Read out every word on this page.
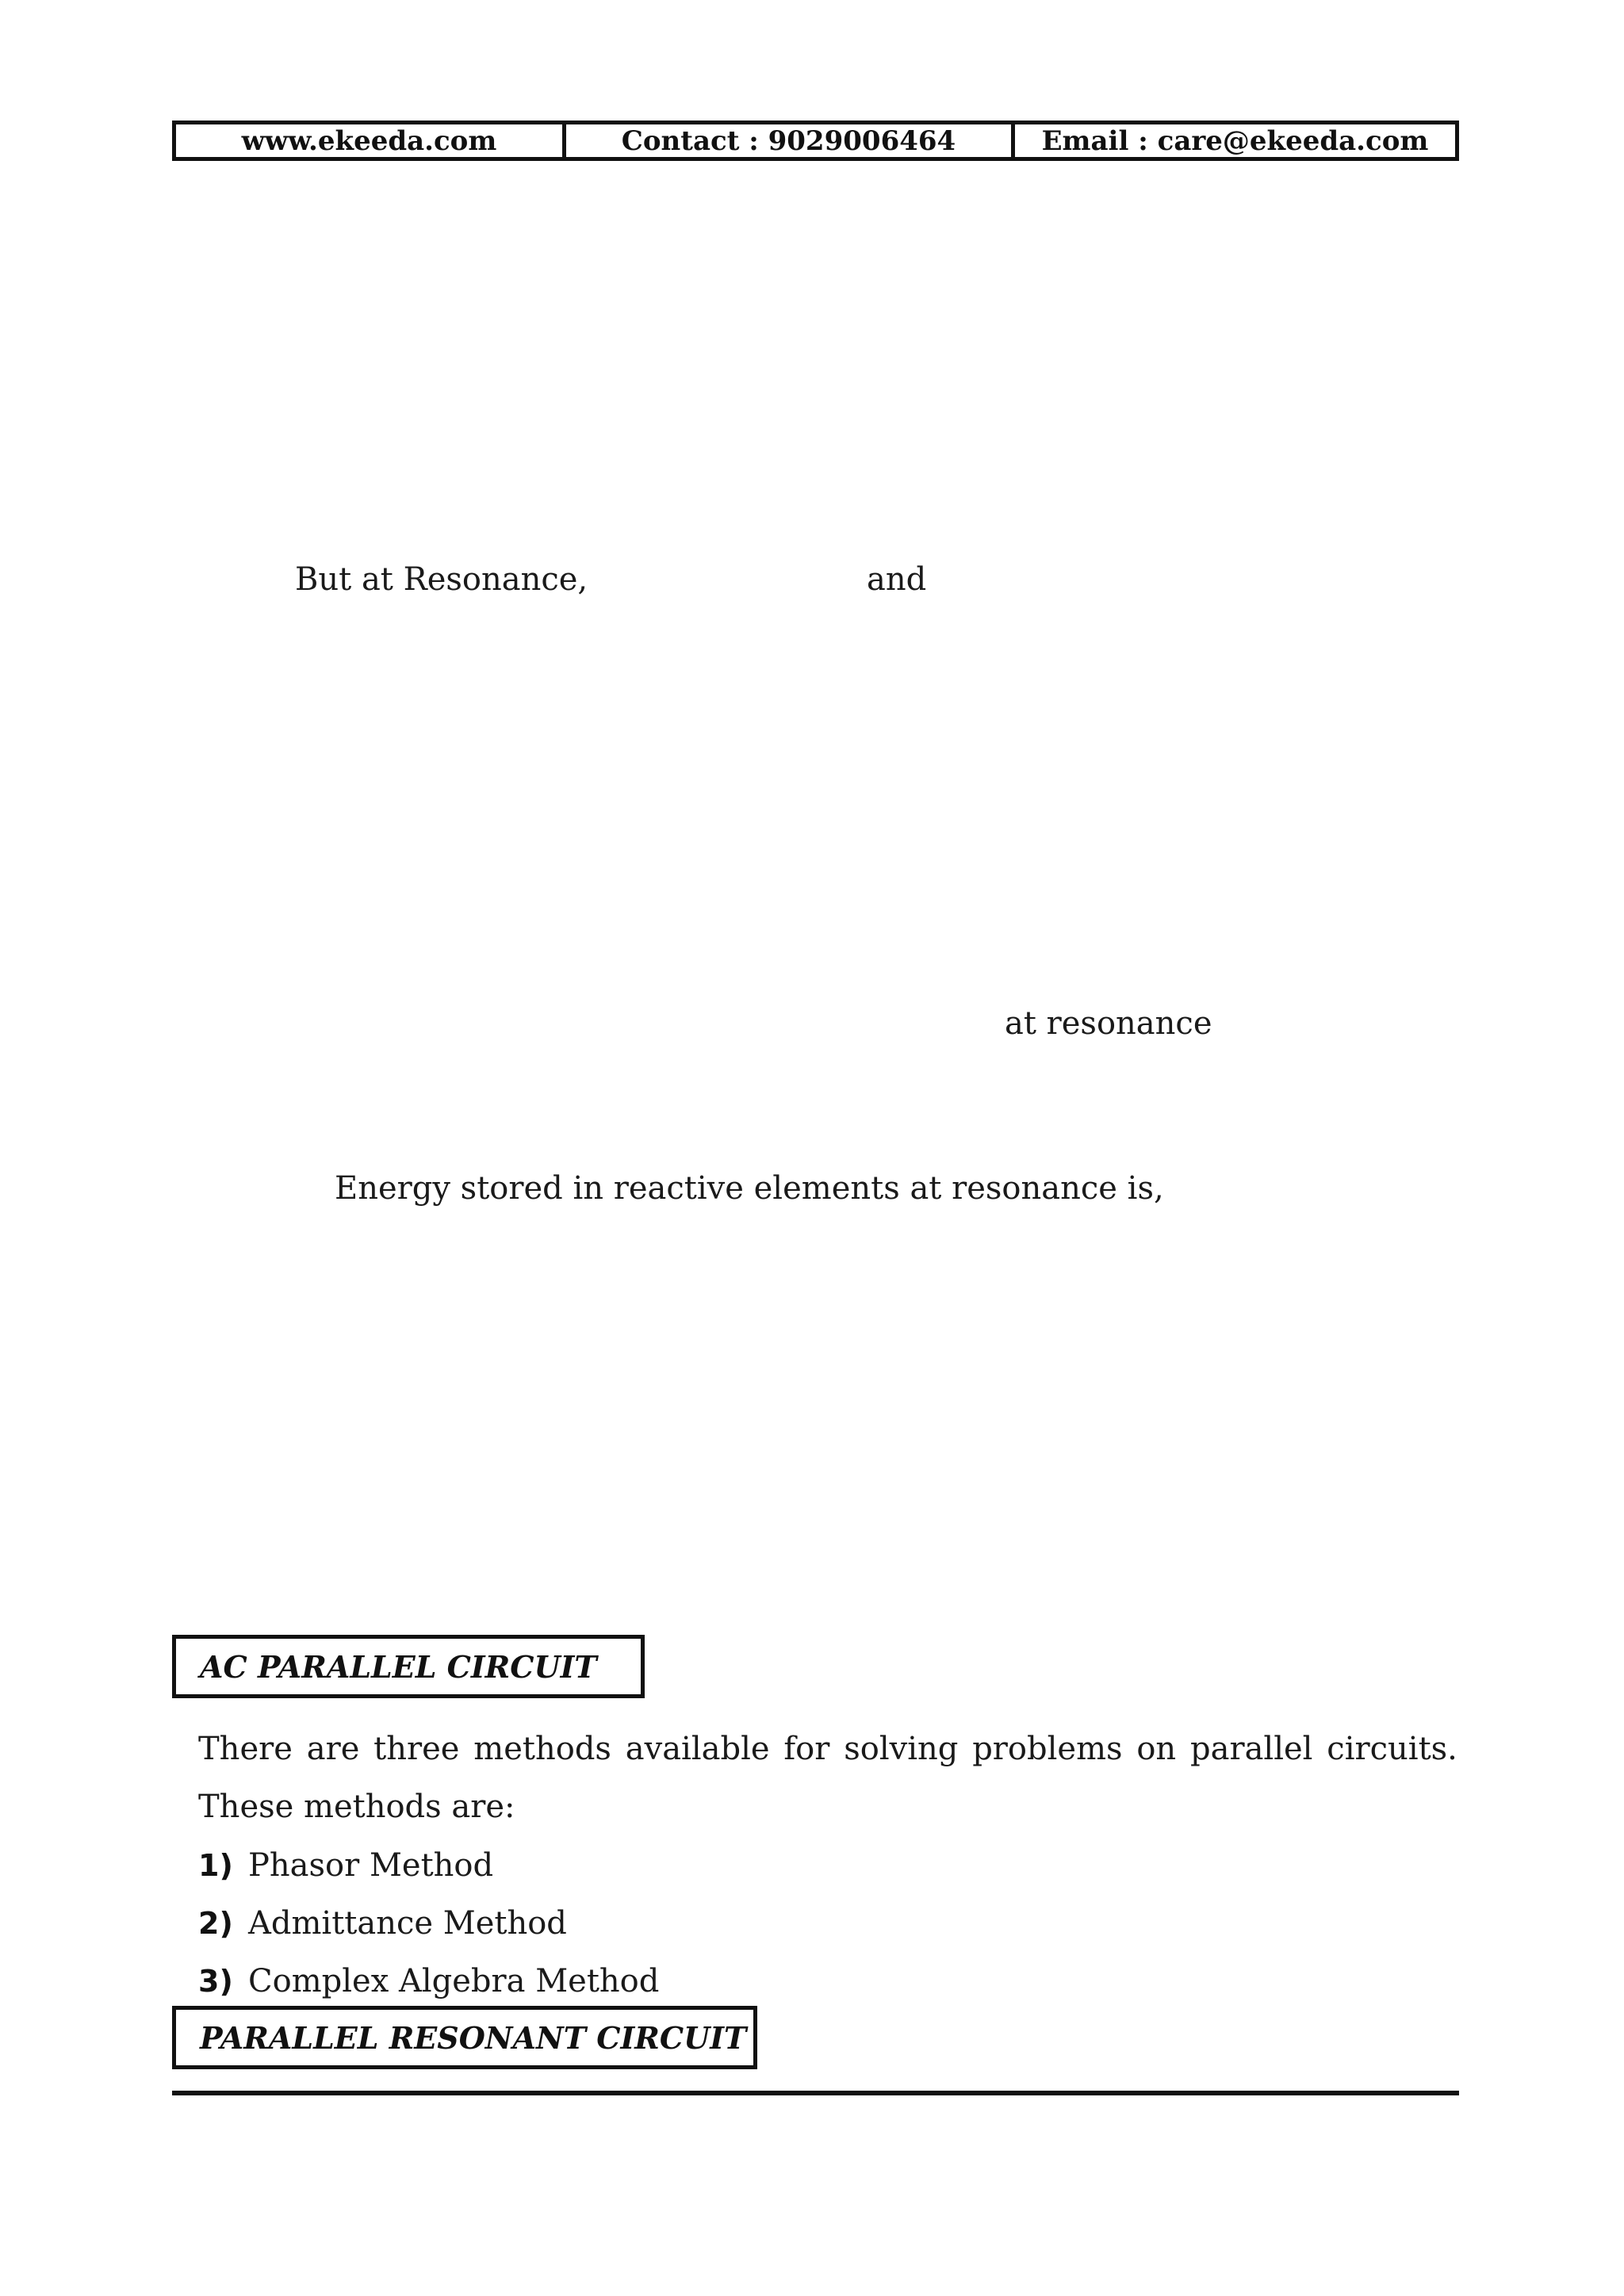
www.ekeeda.com	Contact : 9029006464	Email : care@ekeeda.com
But at Resonance,	and
at resonance
Energy stored in reactive elements at resonance is,
AC PARALLEL CIRCUIT
There are three methods available for solving problems on parallel circuits.
These methods are:
1) Phasor Method
2) Admittance Method
3) Complex Algebra Method
PARALLEL RESONANT CIRCUIT
